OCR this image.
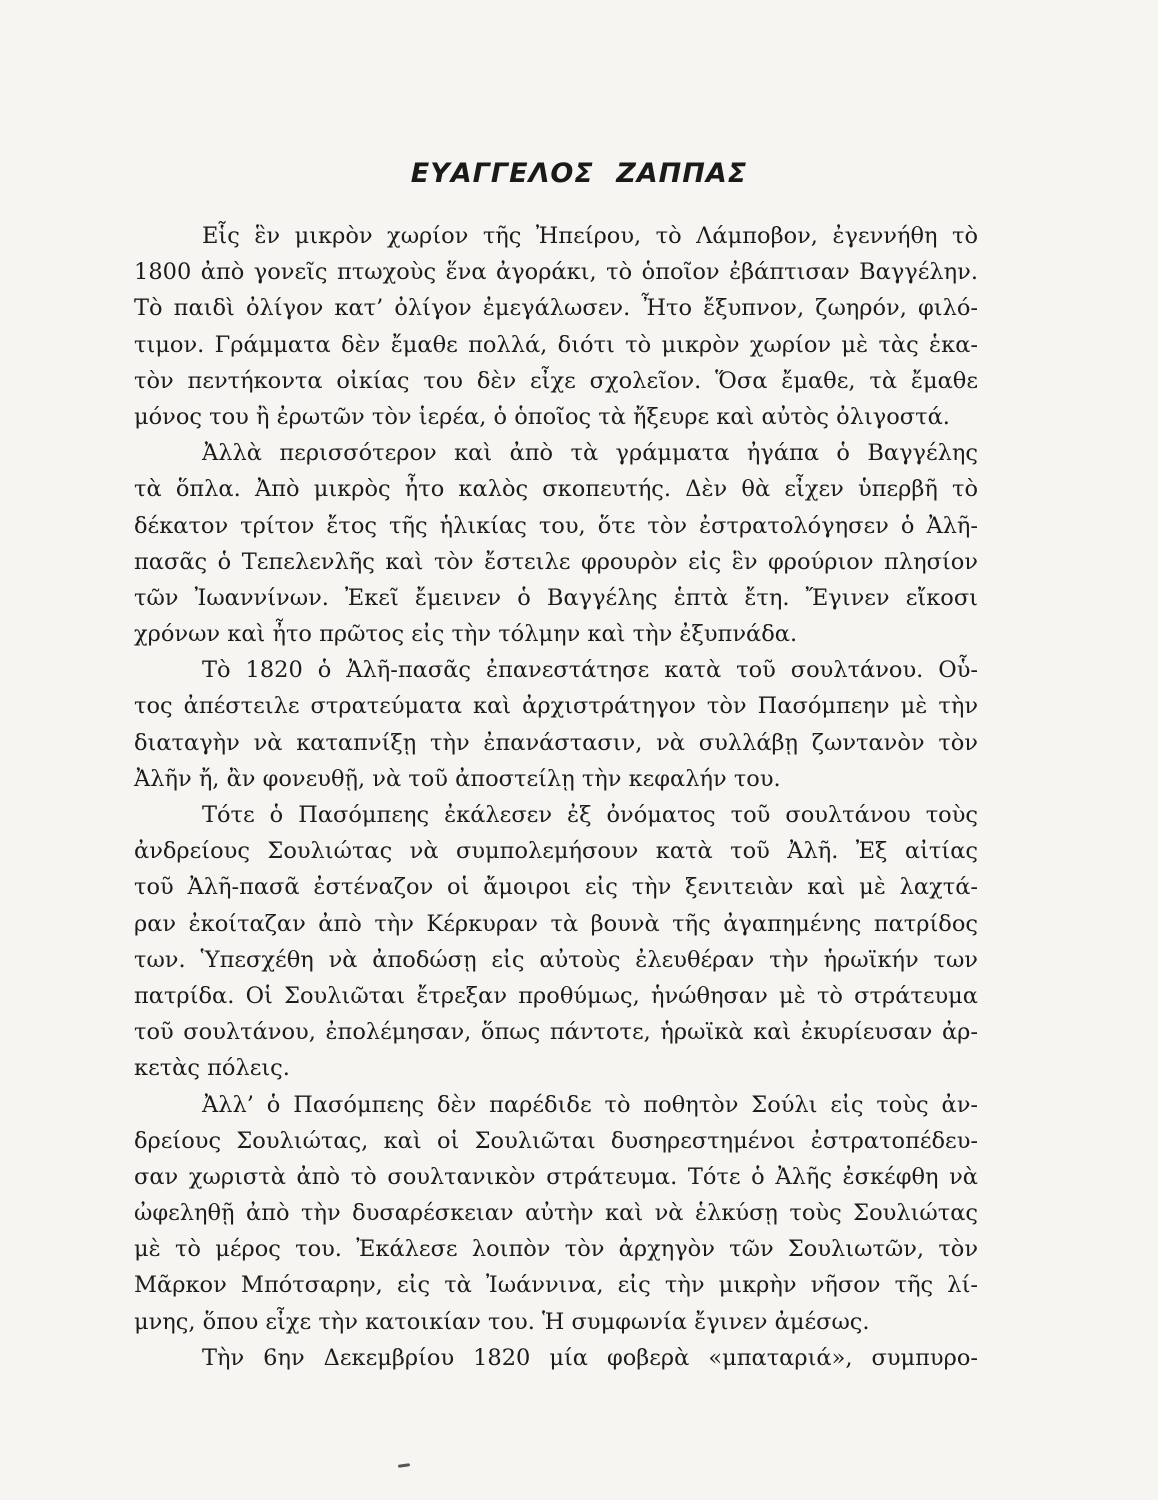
ΕΥΑΓΓΕΛΟΣ ΖΑΠΠΑΣ
Εἷς ἓν μικρὸν χωρίον τῆς Ἠπείρου, τὸ Λάμποβον, ἐγεννήθη τὸ
1800 ἀπὸ γονεῖς πτωχοὺς ἕνα ἀγοράκι, τὸ ὁποῖον ἐβάπτισαν Βαγγέλην.
Τὸ παιδὶ ὀλίγον κατ’ ὀλίγον ἐμεγάλωσεν. Ἦτο ἔξυπνον, ζωηρόν, φιλό-
τιμον. Γράμματα δὲν ἔμαθε πολλά, διότι τὸ μικρὸν χωρίον μὲ τὰς ἑκα-
τὸν πεντήκοντα οἰκίας του δὲν εἶχε σχολεῖον. Ὅσα ἔμαθε, τὰ ἔμαθε
μόνος του ἢ ἐρωτῶν τὸν ἱερέα, ὁ ὁποῖος τὰ ἤξευρε καὶ αὐτὸς ὀλιγοστά.
Ἀλλὰ περισσότερον καὶ ἀπὸ τὰ γράμματα ἠγάπα ὁ Βαγγέλης
τὰ ὅπλα. Ἀπὸ μικρὸς ἦτο καλὸς σκοπευτής. Δὲν θὰ εἶχεν ὑπερβῆ τὸ
δέκατον τρίτον ἔτος τῆς ἡλικίας του, ὅτε τὸν ἐστρατολόγησεν ὁ Ἀλῆ-
πασᾶς ὁ Τεπελενλῆς καὶ τὸν ἔστειλε φρουρὸν εἰς ἓν φρούριον πλησίον
τῶν Ἰωαννίνων. Ἐκεῖ ἔμεινεν ὁ Βαγγέλης ἑπτὰ ἔτη. Ἔγινεν εἴκοσι
χρόνων καὶ ἦτο πρῶτος εἰς τὴν τόλμην καὶ τὴν ἐξυπνάδα.
Τὸ 1820 ὁ Ἀλῆ-πασᾶς ἐπανεστάτησε κατὰ τοῦ σουλτάνου. Οὗ-
τος ἀπέστειλε στρατεύματα καὶ ἀρχιστράτηγον τὸν Πασόμπεην μὲ τὴν
διαταγὴν νὰ καταπνίξῃ τὴν ἐπανάστασιν, νὰ συλλάβῃ ζωντανὸν τὸν
Ἀλῆν ἤ, ἂν φονευθῇ, νὰ τοῦ ἀποστείλῃ τὴν κεφαλήν του.
Τότε ὁ Πασόμπεης ἐκάλεσεν ἐξ ὀνόματος τοῦ σουλτάνου τοὺς
ἀνδρείους Σουλιώτας νὰ συμπολεμήσουν κατὰ τοῦ Ἀλῆ. Ἐξ αἰτίας
τοῦ Ἀλῆ-πασᾶ ἐστέναζον οἱ ἄμοιροι εἰς τὴν ξενιτειὰν καὶ μὲ λαχτά-
ραν ἐκοίταζαν ἀπὸ τὴν Κέρκυραν τὰ βουνὰ τῆς ἀγαπημένης πατρίδος
των. Ὑπεσχέθη νὰ ἀποδώσῃ εἰς αὐτοὺς ἐλευθέραν τὴν ἡρωϊκήν των
πατρίδα. Οἱ Σουλιῶται ἔτρεξαν προθύμως, ἡνώθησαν μὲ τὸ στράτευμα
τοῦ σουλτάνου, ἐπολέμησαν, ὅπως πάντοτε, ἡρωϊκὰ καὶ ἐκυρίευσαν ἀρ-
κετὰς πόλεις.
Ἀλλ’ ὁ Πασόμπεης δὲν παρέδιδε τὸ ποθητὸν Σούλι εἰς τοὺς ἀν-
δρείους Σουλιώτας, καὶ οἱ Σουλιῶται δυσηρεστημένοι ἐστρατοπέδευ-
σαν χωριστὰ ἀπὸ τὸ σουλτανικὸν στράτευμα. Τότε ὁ Ἀλῆς ἐσκέφθη νὰ
ὠφεληθῇ ἀπὸ τὴν δυσαρέσκειαν αὐτὴν καὶ νὰ ἑλκύσῃ τοὺς Σουλιώτας
μὲ τὸ μέρος του. Ἐκάλεσε λοιπὸν τὸν ἀρχηγὸν τῶν Σουλιωτῶν, τὸν
Μᾶρκον Μπότσαρην, εἰς τὰ Ἰωάννινα, εἰς τὴν μικρὴν νῆσον τῆς λί-
μνης, ὅπου εἶχε τὴν κατοικίαν του. Ἡ συμφωνία ἔγινεν ἀμέσως.
Τὴν 6ην Δεκεμβρίου 1820 μία φοβερὰ «μπαταριά», συμπυρο-
